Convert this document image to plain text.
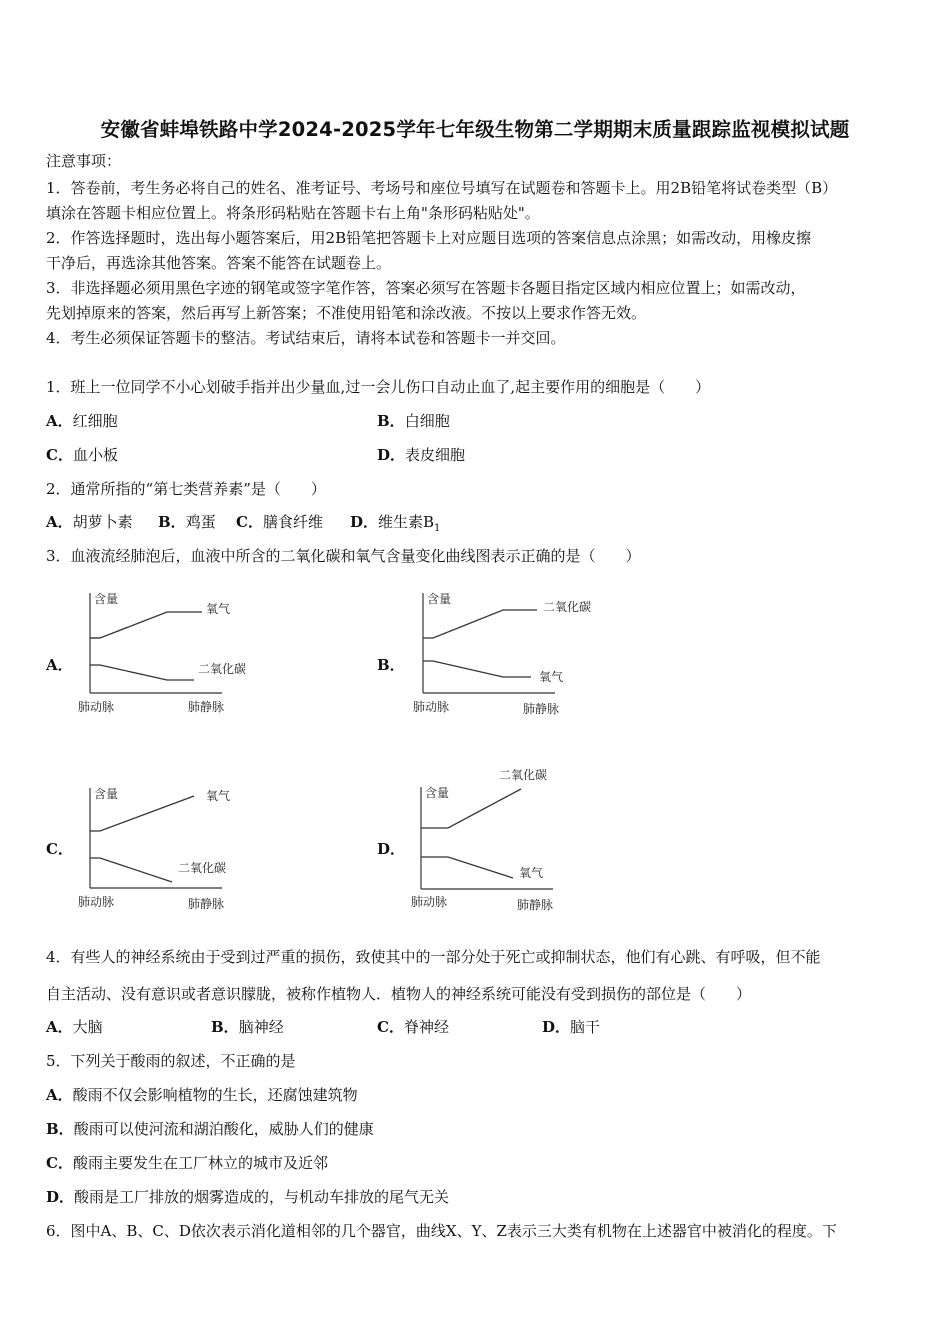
安徽省蚌埠铁路中学2024-2025学年七年级生物第二学期期末质量跟踪监视模拟试题
注意事项：
1．答卷前，考生务必将自己的姓名、准考证号、考场号和座位号填写在试题卷和答题卡上。用2B铅笔将试卷类型（B）
填涂在答题卡相应位置上。将条形码粘贴在答题卡右上角"条形码粘贴处"。
2．作答选择题时，选出每小题答案后，用2B铅笔把答题卡上对应题目选项的答案信息点涂黑；如需改动，用橡皮擦
干净后，再选涂其他答案。答案不能答在试题卷上。
3．非选择题必须用黑色字迹的钢笔或签字笔作答，答案必须写在答题卡各题目指定区域内相应位置上；如需改动，
先划掉原来的答案，然后再写上新答案；不准使用铅笔和涂改液。不按以上要求作答无效。
4．考生必须保证答题卡的整洁。考试结束后，请将本试卷和答题卡一并交回。
1．班上一位同学不小心划破手指并出少量血,过一会儿伤口自动止血了,起主要作用的细胞是（　　）
A．红细胞	B．白细胞
C．血小板	D．表皮细胞
2．通常所指的“第七类营养素”是（　　）
A．胡萝卜素 B．鸡蛋 C．膳食纤维 D．维生素$B_1$
3．血液流经肺泡后，血液中所含的二氧化碳和氧气含量变化曲线图表示正确的是（　　）
A．
含量
氧气
二氧化碳
肺动脉	肺静脉
B．
含量
二氧化碳
氧气
肺动脉	肺静脉
C．
含量	氧气
二氧化碳
肺动脉	肺静脉
D．
含量
二氧化碳
氧气
肺动脉	肺静脉
4．有些人的神经系统由于受到过严重的损伤，致使其中的一部分处于死亡或抑制状态，他们有心跳、有呼吸，但不能
自主活动、没有意识或者意识朦胧，被称作植物人．植物人的神经系统可能没有受到损伤的部位是（　　）
A．大脑	B．脑神经	C．脊神经	D．脑干
5．下列关于酸雨的叙述，不正确的是
A．酸雨不仅会影响植物的生长，还腐蚀建筑物
B．酸雨可以使河流和湖泊酸化，威胁人们的健康
C．酸雨主要发生在工厂林立的城市及近邻
D．酸雨是工厂排放的烟雾造成的，与机动车排放的尾气无关
6．图中A、B、C、D依次表示消化道相邻的几个器官，曲线X、Y、Z表示三大类有机物在上述器官中被消化的程度。下
